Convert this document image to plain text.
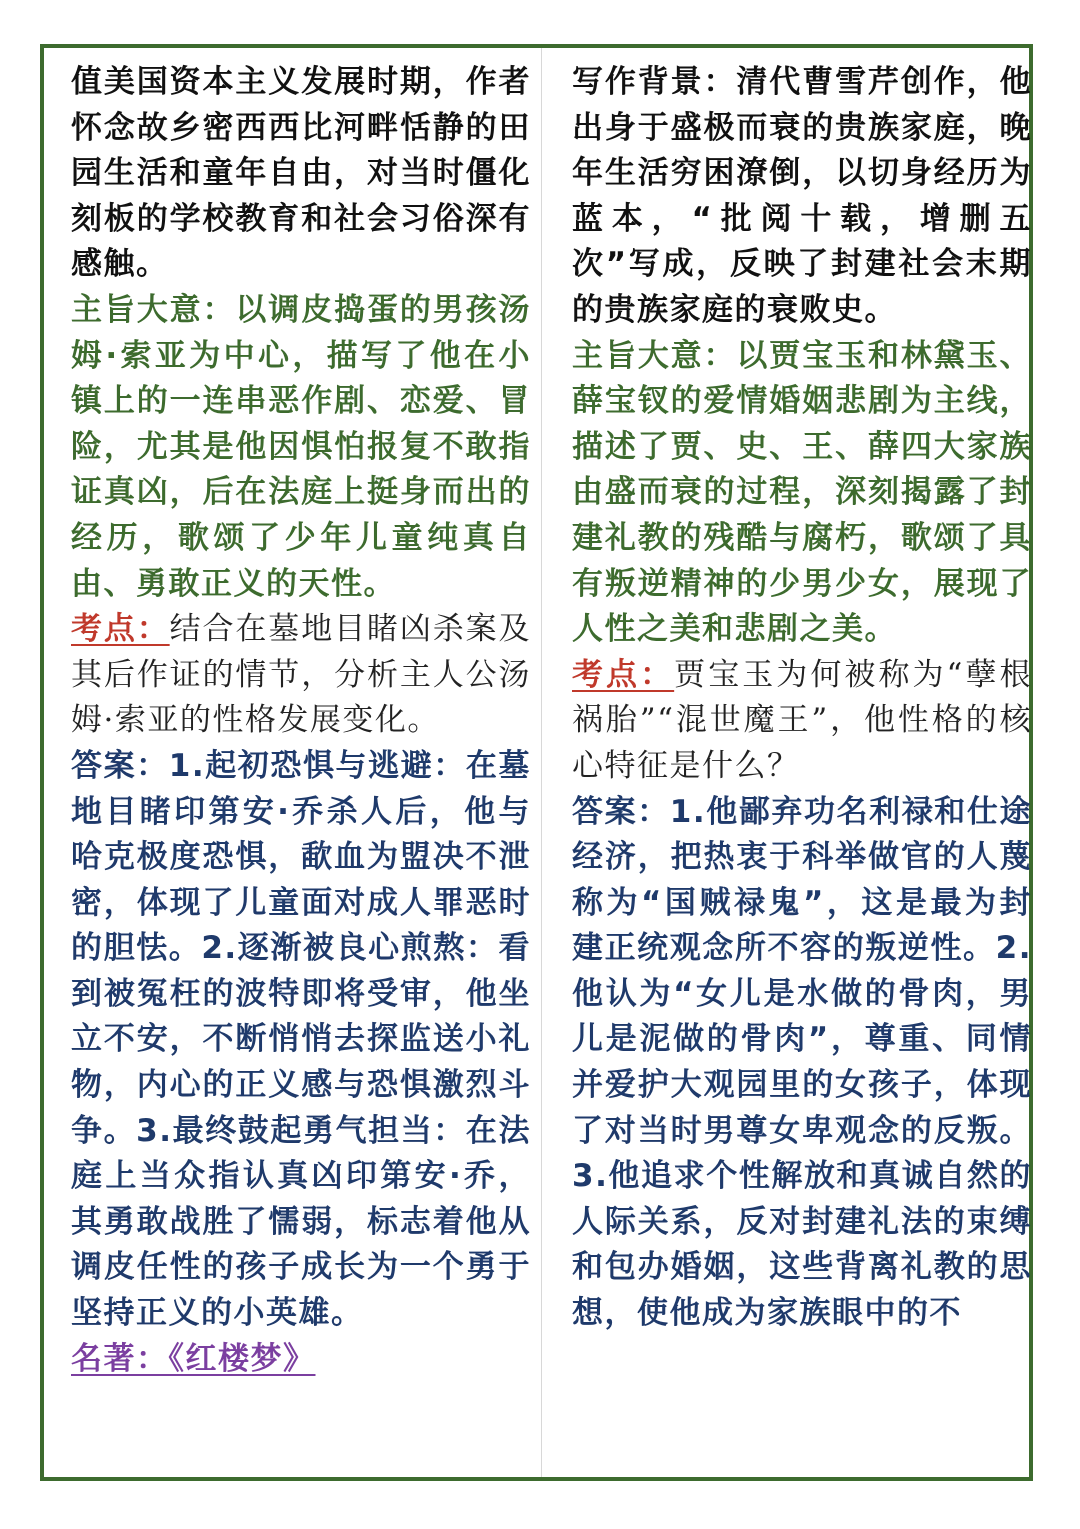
值美国资本主义发展时期，作者怀念故乡密西西比河畔恬静的田园生活和童年自由，对当时僵化刻板的学校教育和社会习俗深有感触。

主旨大意：以调皮捣蛋的男孩汤姆·索亚为中心，描写了他在小镇上的一连串恶作剧、恋爱、冒险，尤其是他因惧怕报复不敢指证真凶，后在法庭上挺身而出的经历，歌颂了少年儿童纯真自由、勇敢正义的天性。

考点：结合在墓地目睹凶杀案及其后作证的情节，分析主人公汤姆·索亚的性格发展变化。

答案：1.起初恐惧与逃避：在墓地目睹印第安·乔杀人后，他与哈克极度恐惧，歃血为盟决不泄密，体现了儿童面对成人罪恶时的胆怯。2.逐渐被良心煎熬：看到被冤枉的波特即将受审，他坐立不安，不断悄悄去探监送小礼物，内心的正义感与恐惧激烈斗争。3.最终鼓起勇气担当：在法庭上当众指认真凶印第安·乔，其勇敢战胜了懦弱，标志着他从调皮任性的孩子成长为一个勇于坚持正义的小英雄。

名著：《红楼梦》

写作背景：清代曹雪芹创作，他出身于盛极而衰的贵族家庭，晚年生活穷困潦倒，以切身经历为蓝本，“批阅十载，增删五次”写成，反映了封建社会末期的贵族家庭的衰败史。

主旨大意：以贾宝玉和林黛玉、薛宝钗的爱情婚姻悲剧为主线，描述了贾、史、王、薛四大家族由盛而衰的过程，深刻揭露了封建礼教的残酷与腐朽，歌颂了具有叛逆精神的少男少女，展现了人性之美和悲剧之美。

考点：贾宝玉为何被称为“孽根祸胎”“混世魔王”，他性格的核心特征是什么？

答案：1.他鄙弃功名利禄和仕途经济，把热衷于科举做官的人蔑称为“国贼禄鬼”，这是最为封建正统观念所不容的叛逆性。2.他认为“女儿是水做的骨肉，男儿是泥做的骨肉”，尊重、同情并爱护大观园里的女孩子，体现了对当时男尊女卑观念的反叛。3.他追求个性解放和真诚自然的人际关系，反对封建礼法的束缚和包办婚姻，这些背离礼教的思想，使他成为家族眼中的不
